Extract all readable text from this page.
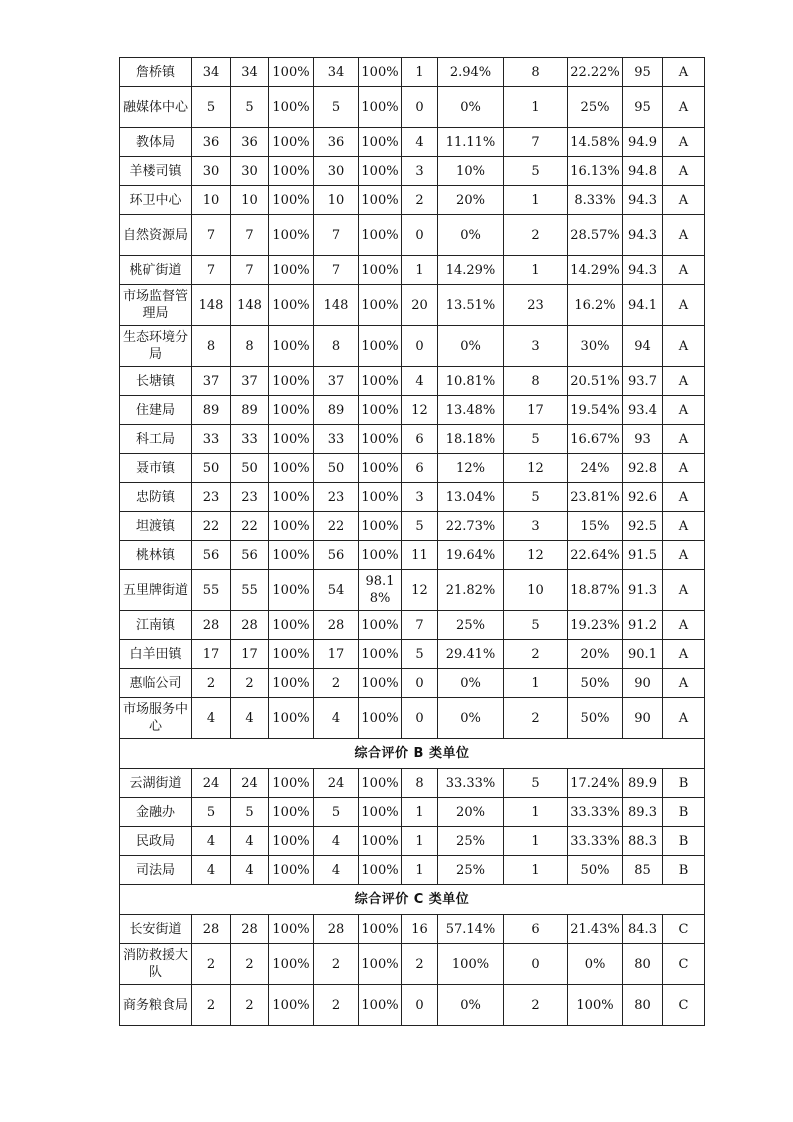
詹桥镇	34	34	100%	34	100%	1	2.94%	8	22.22%	95	A
融媒体中心	5	5	100%	5	100%	0	0%	1	25%	95	A
教体局	36	36	100%	36	100%	4	11.11%	7	14.58%	94.9	A
羊楼司镇	30	30	100%	30	100%	3	10%	5	16.13%	94.8	A
环卫中心	10	10	100%	10	100%	2	20%	1	8.33%	94.3	A
自然资源局	7	7	100%	7	100%	0	0%	2	28.57%	94.3	A
桃矿街道	7	7	100%	7	100%	1	14.29%	1	14.29%	94.3	A
市场监督管理局	148	148	100%	148	100%	20	13.51%	23	16.2%	94.1	A
生态环境分局	8	8	100%	8	100%	0	0%	3	30%	94	A
长塘镇	37	37	100%	37	100%	4	10.81%	8	20.51%	93.7	A
住建局	89	89	100%	89	100%	12	13.48%	17	19.54%	93.4	A
科工局	33	33	100%	33	100%	6	18.18%	5	16.67%	93	A
聂市镇	50	50	100%	50	100%	6	12%	12	24%	92.8	A
忠防镇	23	23	100%	23	100%	3	13.04%	5	23.81%	92.6	A
坦渡镇	22	22	100%	22	100%	5	22.73%	3	15%	92.5	A
桃林镇	56	56	100%	56	100%	11	19.64%	12	22.64%	91.5	A
五里牌街道	55	55	100%	54	98.18%	12	21.82%	10	18.87%	91.3	A
江南镇	28	28	100%	28	100%	7	25%	5	19.23%	91.2	A
白羊田镇	17	17	100%	17	100%	5	29.41%	2	20%	90.1	A
惠临公司	2	2	100%	2	100%	0	0%	1	50%	90	A
市场服务中心	4	4	100%	4	100%	0	0%	2	50%	90	A
综合评价 B 类单位											
云湖街道	24	24	100%	24	100%	8	33.33%	5	17.24%	89.9	B
金融办	5	5	100%	5	100%	1	20%	1	33.33%	89.3	B
民政局	4	4	100%	4	100%	1	25%	1	33.33%	88.3	B
司法局	4	4	100%	4	100%	1	25%	1	50%	85	B
综合评价 C 类单位											
长安街道	28	28	100%	28	100%	16	57.14%	6	21.43%	84.3	C
消防救援大队	2	2	100%	2	100%	2	100%	0	0%	80	C
商务粮食局	2	2	100%	2	100%	0	0%	2	100%	80	C
